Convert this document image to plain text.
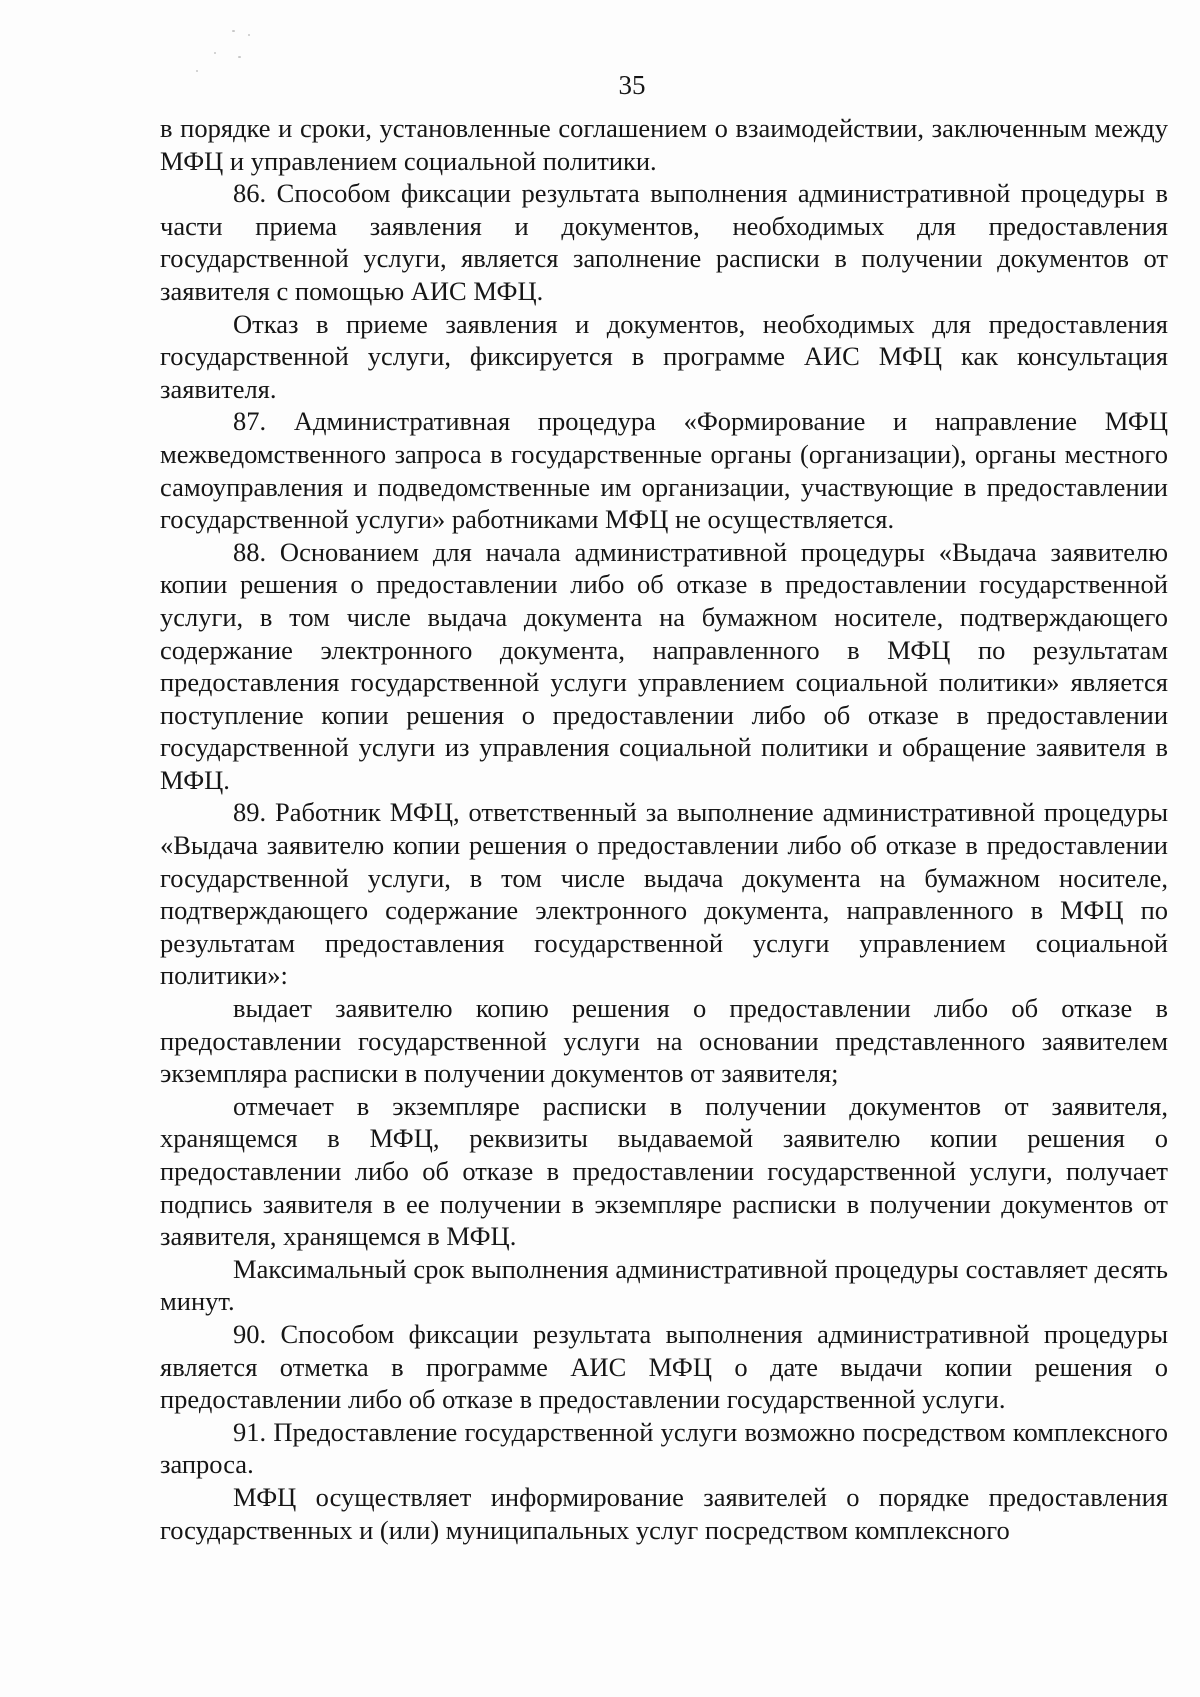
35

в порядке и сроки, установленные соглашением о взаимодействии, заключенным между МФЦ и управлением социальной политики.

86. Способом фиксации результата выполнения административной процедуры в части приема заявления и документов, необходимых для предоставления государственной услуги, является заполнение расписки в получении документов от заявителя с помощью АИС МФЦ.

Отказ в приеме заявления и документов, необходимых для предоставления государственной услуги, фиксируется в программе АИС МФЦ как консультация заявителя.

87. Административная процедура «Формирование и направление МФЦ межведомственного запроса в государственные органы (организации), органы местного самоуправления и подведомственные им организации, участвующие в предоставлении государственной услуги» работниками МФЦ не осуществляется.

88. Основанием для начала административной процедуры «Выдача заявителю копии решения о предоставлении либо об отказе в предоставлении государственной услуги, в том числе выдача документа на бумажном носителе, подтверждающего содержание электронного документа, направленного в МФЦ по результатам предоставления государственной услуги управлением социальной политики» является поступление копии решения о предоставлении либо об отказе в предоставлении государственной услуги из управления социальной политики и обращение заявителя в МФЦ.

89. Работник МФЦ, ответственный за выполнение административной процедуры «Выдача заявителю копии решения о предоставлении либо об отказе в предоставлении государственной услуги, в том числе выдача документа на бумажном носителе, подтверждающего содержание электронного документа, направленного в МФЦ по результатам предоставления государственной услуги управлением социальной политики»:

выдает заявителю копию решения о предоставлении либо об отказе в предоставлении государственной услуги на основании представленного заявителем экземпляра расписки в получении документов от заявителя;

отмечает в экземпляре расписки в получении документов от заявителя, хранящемся в МФЦ, реквизиты выдаваемой заявителю копии решения о предоставлении либо об отказе в предоставлении государственной услуги, получает подпись заявителя в ее получении в экземпляре расписки в получении документов от заявителя, хранящемся в МФЦ.

Максимальный срок выполнения административной процедуры составляет десять минут.

90. Способом фиксации результата выполнения административной процедуры является отметка в программе АИС МФЦ о дате выдачи копии решения о предоставлении либо об отказе в предоставлении государственной услуги.

91. Предоставление государственной услуги возможно посредством комплексного запроса.

МФЦ осуществляет информирование заявителей о порядке предоставления государственных и (или) муниципальных услуг посредством комплексного
